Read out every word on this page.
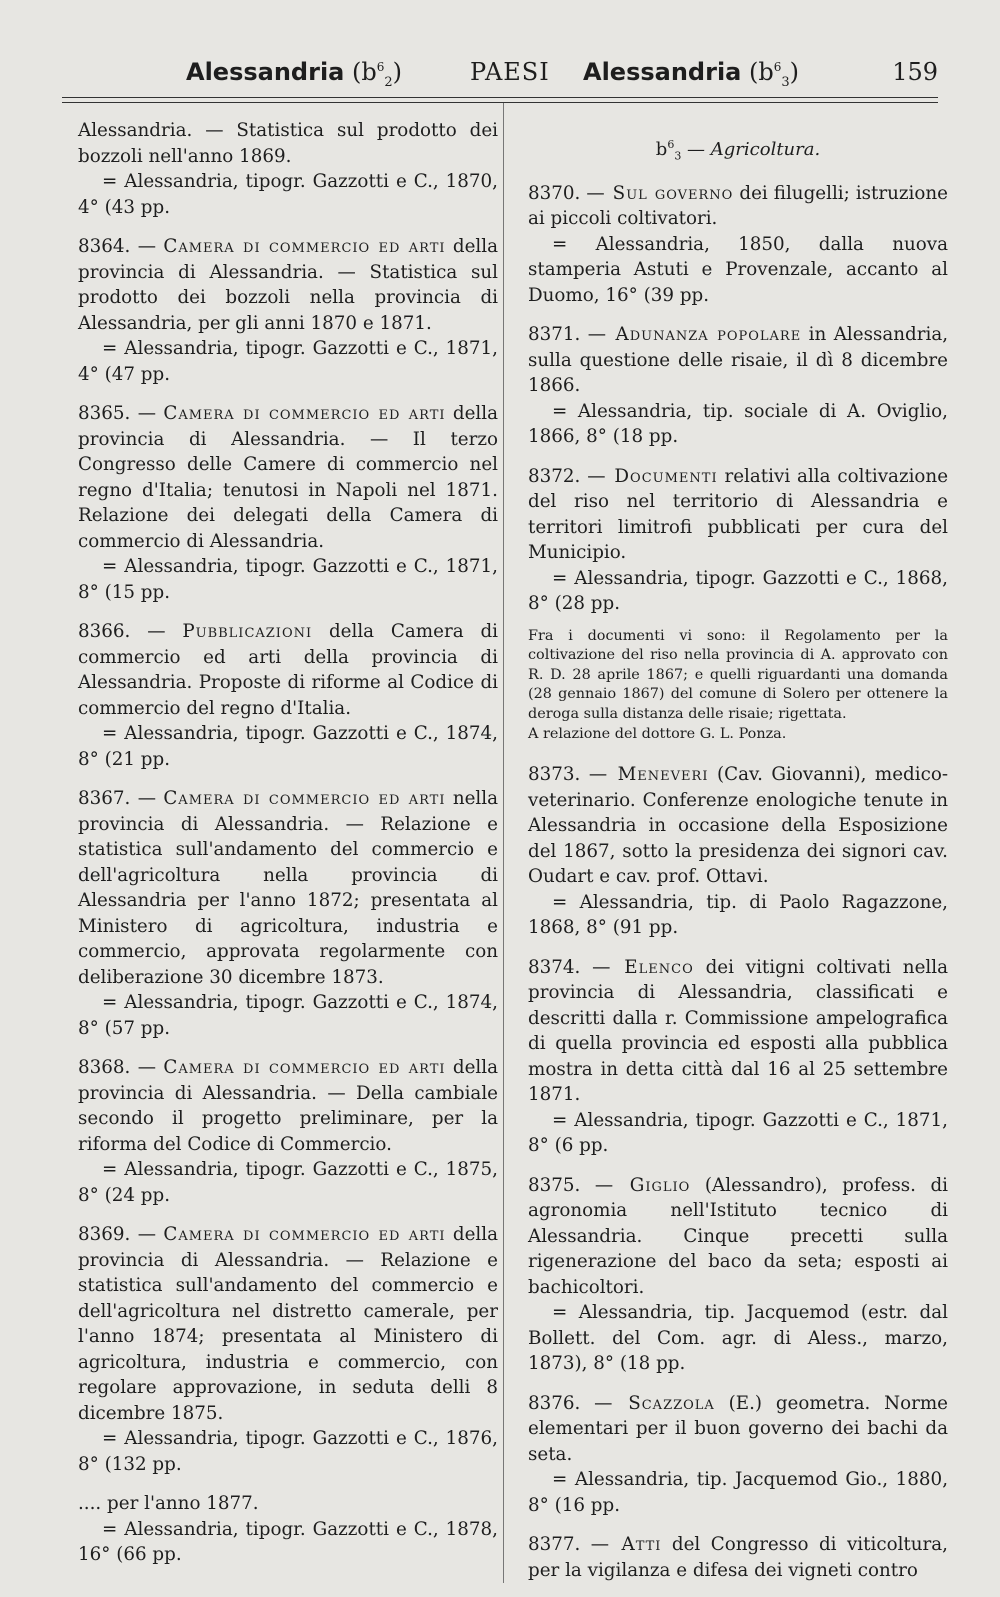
Alessandria $(b^6_2)$	PAESI Alessandria $(b^6_3)$	159
Alessandria. — Statistica sul prodotto dei bozzoli nell'anno 1869.
= Alessandria, tipogr. Gazzotti e C., 1870, 4° (43 pp.
8364. — Camera di commercio ed arti della provincia di Alessandria. — Statistica sul prodotto dei bozzoli nella provincia di Alessandria, per gli anni 1870 e 1871.
= Alessandria, tipogr. Gazzotti e C., 1871, 4° (47 pp.
8365. — Camera di commercio ed arti della provincia di Alessandria. — Il terzo Congresso delle Camere di commercio nel regno d'Italia; tenutosi in Napoli nel 1871. Relazione dei delegati della Camera di commercio di Alessandria.
= Alessandria, tipogr. Gazzotti e C., 1871, 8° (15 pp.
8366. — Pubblicazioni della Camera di commercio ed arti della provincia di Alessandria. Proposte di riforme al Codice di commercio del regno d'Italia.
= Alessandria, tipogr. Gazzotti e C., 1874, 8° (21 pp.
8367. — Camera di commercio ed arti nella provincia di Alessandria. — Relazione e statistica sull'andamento del commercio e dell'agricoltura nella provincia di Alessandria per l'anno 1872; presentata al Ministero di agricoltura, industria e commercio, approvata regolarmente con deliberazione 30 dicembre 1873.
= Alessandria, tipogr. Gazzotti e C., 1874, 8° (57 pp.
8368. — Camera di commercio ed arti della provincia di Alessandria. — Della cambiale secondo il progetto preliminare, per la riforma del Codice di Commercio.
= Alessandria, tipogr. Gazzotti e C., 1875, 8° (24 pp.
8369. — Camera di commercio ed arti della provincia di Alessandria. — Relazione e statistica sull'andamento del commercio e dell'agricoltura nel distretto camerale, per l'anno 1874; presentata al Ministero di agricoltura, industria e commercio, con regolare approvazione, in seduta delli 8 dicembre 1875.
= Alessandria, tipogr. Gazzotti e C., 1876, 8° (132 pp.
.... per l'anno 1877.
= Alessandria, tipogr. Gazzotti e C., 1878, 16° (66 pp.
$b^6_3$ — Agricoltura.
8370. — Sul governo dei filugelli; istruzione ai piccoli coltivatori.
= Alessandria, 1850, dalla nuova stamperia Astuti e Provenzale, accanto al Duomo, 16° (39 pp.
8371. — Adunanza popolare in Alessandria, sulla questione delle risaie, il dì 8 dicembre 1866.
= Alessandria, tip. sociale di A. Oviglio, 1866, 8° (18 pp.
8372. — Documenti relativi alla coltivazione del riso nel territorio di Alessandria e territori limitrofi pubblicati per cura del Municipio.
= Alessandria, tipogr. Gazzotti e C., 1868, 8° (28 pp.
Fra i documenti vi sono: il Regolamento per la coltivazione del riso nella provincia di A. approvato con R. D. 28 aprile 1867; e quelli riguardanti una domanda (28 gennaio 1867) del comune di Solero per ottenere la deroga sulla distanza delle risaie; rigettata.
A relazione del dottore G. L. Ponza.
8373. — Meneveri (Cav. Giovanni), medico-veterinario. Conferenze enologiche tenute in Alessandria in occasione della Esposizione del 1867, sotto la presidenza dei signori cav. Oudart e cav. prof. Ottavi.
= Alessandria, tip. di Paolo Ragazzone, 1868, 8° (91 pp.
8374. — Elenco dei vitigni coltivati nella provincia di Alessandria, classificati e descritti dalla r. Commissione ampelografica di quella provincia ed esposti alla pubblica mostra in detta città dal 16 al 25 settembre 1871.
= Alessandria, tipogr. Gazzotti e C., 1871, 8° (6 pp.
8375. — Giglio (Alessandro), profess. di agronomia nell'Istituto tecnico di Alessandria. Cinque precetti sulla rigenerazione del baco da seta; esposti ai bachicoltori.
= Alessandria, tip. Jacquemod (estr. dal Bollett. del Com. agr. di Aless., marzo, 1873), 8° (18 pp.
8376. — Scazzola (E.) geometra. Norme elementari per il buon governo dei bachi da seta.
= Alessandria, tip. Jacquemod Gio., 1880, 8° (16 pp.
8377. — Atti del Congresso di viticoltura, per la vigilanza e difesa dei vigneti contro
